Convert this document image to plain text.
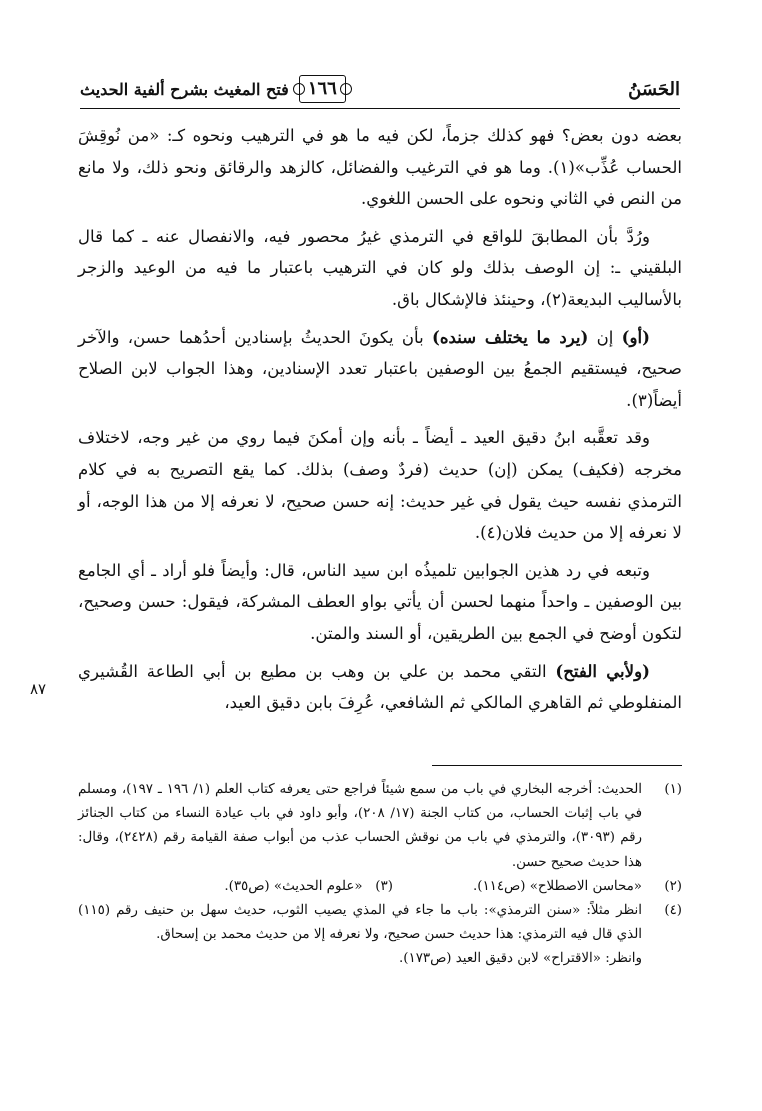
الحَسَنُ
١٦٦
فتح المغيث بشرح ألفية الحديث

بعضه دون بعض؟ فهو كذلك جزماً، لكن فيه ما هو في الترهيب ونحوه كـ: «من نُوقِشَ الحساب عُذِّب»(١). وما هو في الترغيب والفضائل، كالزهد والرقائق ونحو ذلك، ولا مانع من النص في الثاني ونحوه على الحسن اللغوي.

ورُدَّ بأن المطابقَ للواقع في الترمذي غيرُ محصور فيه، والانفصال عنه ـ كما قال البلقيني ـ: إن الوصف بذلك ولو كان في الترهيب باعتبار ما فيه من الوعيد والزجر بالأساليب البديعة(٢)، وحينئذ فالإشكال باق.

(أو) إن (يرد ما يختلف سنده) بأن يكونَ الحديثُ بإسنادين أحدُهما حسن، والآخر صحيح، فيستقيم الجمعُ بين الوصفين باعتبار تعدد الإسنادين، وهذا الجواب لابن الصلاح أيضاً(٣).

وقد تعقَّبه ابنُ دقيق العيد ـ أيضاً ـ بأنه وإن أمكنَ فيما روي من غير وجه، لاختلاف مخرجه (فكيف) يمكن (إن) حديث (فردٌ وصف) بذلك. كما يقع التصريح به في كلام الترمذي نفسه حيث يقول في غير حديث: إنه حسن صحيح، لا نعرفه إلا من هذا الوجه، أو لا نعرفه إلا من حديث فلان(٤).

وتبعه في رد هذين الجوابين تلميذُه ابن سيد الناس، قال: وأيضاً فلو أراد ـ أي الجامع بين الوصفين ـ واحداً منهما لحسن أن يأتي بواو العطف المشركة، فيقول: حسن وصحيح، لتكون أوضح في الجمع بين الطريقين، أو السند والمتن.

(ولأبي الفتح) التقي محمد بن علي بن وهب بن مطيع بن أبي الطاعة القُشيري المنفلوطي ثم القاهري المالكي ثم الشافعي، عُرِفَ بابن دقيق العيد،

٨٧
(١)
الحديث: أخرجه البخاري في باب من سمع شيئاً فراجع حتى يعرفه كتاب العلم (١/ ١٩٦ ـ ١٩٧)، ومسلم في باب إثبات الحساب، من كتاب الجنة (١٧/ ٢٠٨)، وأبو داود في باب عيادة النساء من كتاب الجنائز رقم (٣٠٩٣)، والترمذي في باب من نوقش الحساب عذب من أبواب صفة القيامة رقم (٢٤٢٨)، وقال: هذا حديث صحيح حسن.
(٢)
«محاسن الاصطلاح» (ص١١٤).
(٣)   «علوم الحديث» (ص٣٥).
(٤)
انظر مثلاً: «سنن الترمذي»: باب ما جاء في المذي يصيب الثوب، حديث سهل بن حنيف رقم (١١٥) الذي قال فيه الترمذي: هذا حديث حسن صحيح، ولا نعرفه إلا من حديث محمد بن إسحاق.
وانظر: «الاقتراح» لابن دقيق العيد (ص١٧٣).
